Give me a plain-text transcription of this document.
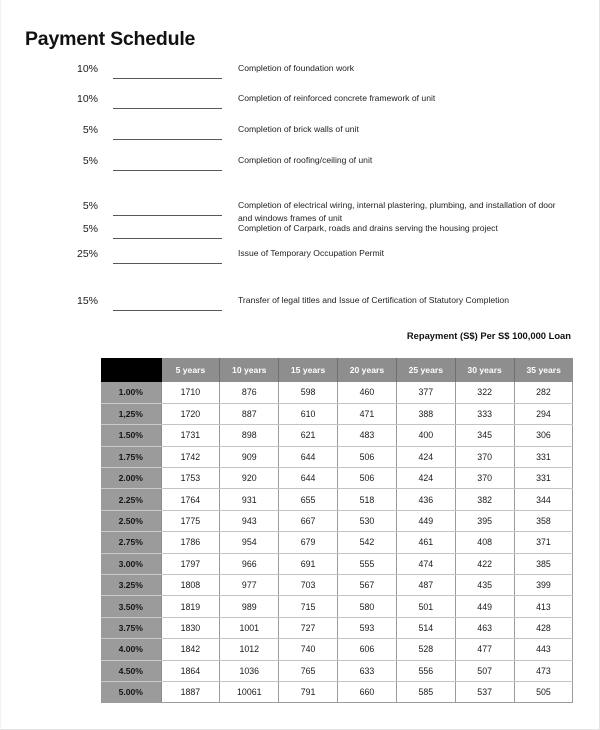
Payment Schedule
10%	Completion of foundation work
10%	Completion of reinforced concrete framework of unit
5%	Completion of brick walls of unit
5%	Completion of roofing/ceiling of unit
5%	Completion of electrical wiring, internal plastering, plumbing, and installation of door and windows frames of unit
5%	Completion of Carpark, roads and drains serving the housing project
25%	Issue of Temporary Occupation Permit
15%	Transfer of legal titles and Issue of Certification of Statutory Completion
Repayment (S$) Per S$ 100,000 Loan
	5 years	10 years	15 years	20 years	25 years	30 years	35 years
1.00%	1710	876	598	460	377	322	282
1,25%	1720	887	610	471	388	333	294
1.50%	1731	898	621	483	400	345	306
1.75%	1742	909	644	506	424	370	331
2.00%	1753	920	644	506	424	370	331
2.25%	1764	931	655	518	436	382	344
2.50%	1775	943	667	530	449	395	358
2.75%	1786	954	679	542	461	408	371
3.00%	1797	966	691	555	474	422	385
3.25%	1808	977	703	567	487	435	399
3.50%	1819	989	715	580	501	449	413
3.75%	1830	1001	727	593	514	463	428
4.00%	1842	1012	740	606	528	477	443
4.50%	1864	1036	765	633	556	507	473
5.00%	1887	10061	791	660	585	537	505
